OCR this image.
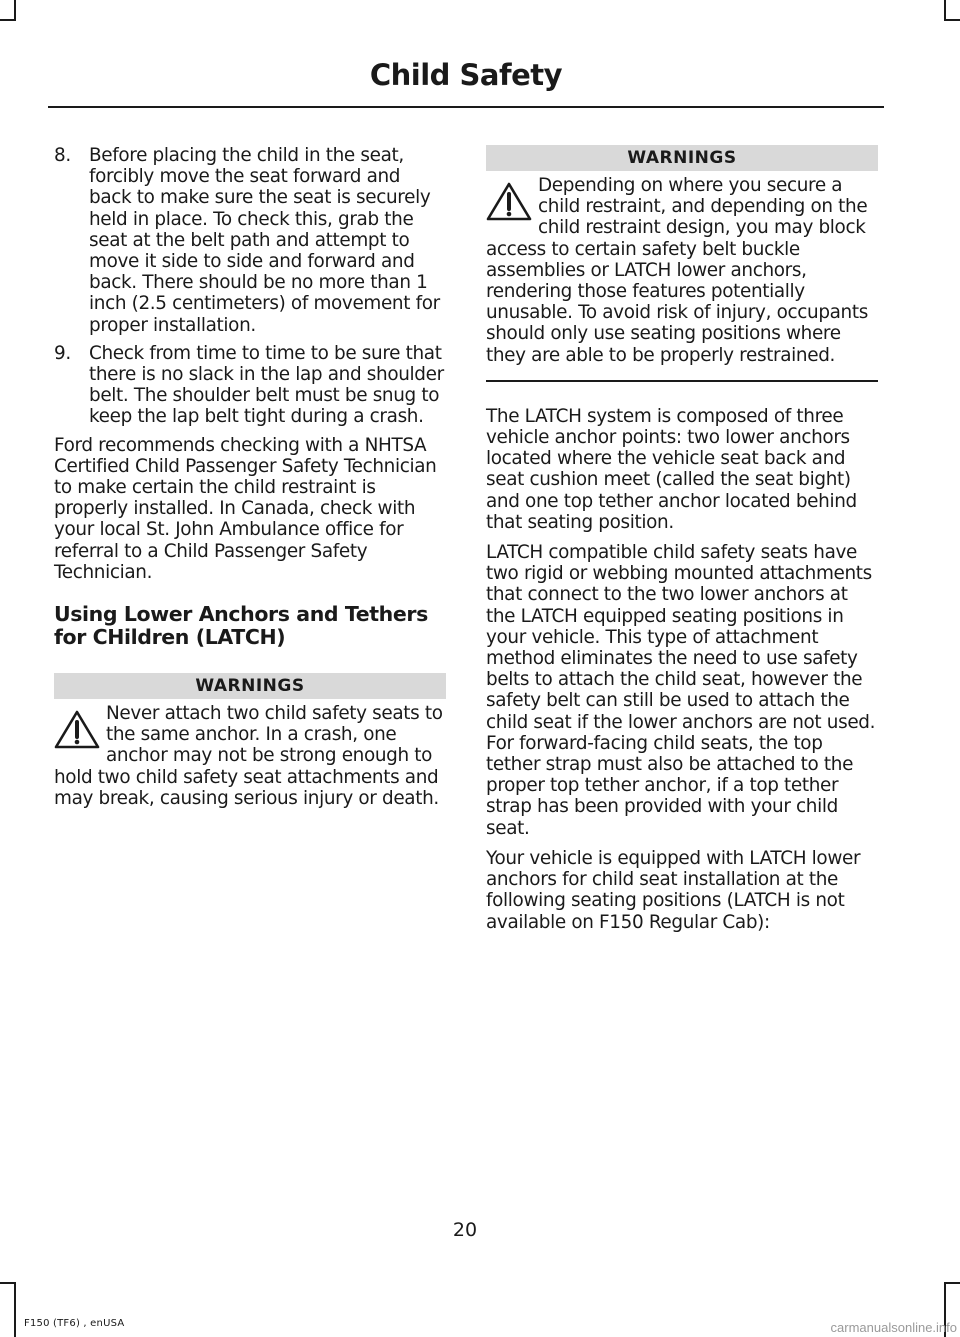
Child Safety
8. Before placing the child in the seat, forcibly move the seat forward and back to make sure the seat is securely held in place. To check this, grab the seat at the belt path and attempt to move it side to side and forward and back. There should be no more than 1 inch (2.5 centimeters) of movement for proper installation.
9. Check from time to time to be sure that there is no slack in the lap and shoulder belt. The shoulder belt must be snug to keep the lap belt tight during a crash.

Ford recommends checking with a NHTSA Certified Child Passenger Safety Technician to make certain the child restraint is properly installed. In Canada, check with your local St. John Ambulance office for referral to a Child Passenger Safety Technician.

Using Lower Anchors and Tethers for CHildren (LATCH)
WARNINGS
Never attach two child safety seats to the same anchor. In a crash, one anchor may not be strong enough to hold two child safety seat attachments and may break, causing serious injury or death.
WARNINGS
Depending on where you secure a child restraint, and depending on the child restraint design, you may block access to certain safety belt buckle assemblies or LATCH lower anchors, rendering those features potentially unusable. To avoid risk of injury, occupants should only use seating positions where they are able to be properly restrained.

The LATCH system is composed of three vehicle anchor points: two lower anchors located where the vehicle seat back and seat cushion meet (called the seat bight) and one top tether anchor located behind that seating position.

LATCH compatible child safety seats have two rigid or webbing mounted attachments that connect to the two lower anchors at the LATCH equipped seating positions in your vehicle. This type of attachment method eliminates the need to use safety belts to attach the child seat, however the safety belt can still be used to attach the child seat if the lower anchors are not used. For forward-facing child seats, the top tether strap must also be attached to the proper top tether anchor, if a top tether strap has been provided with your child seat.

Your vehicle is equipped with LATCH lower anchors for child seat installation at the following seating positions (LATCH is not available on F150 Regular Cab):

20
F150 (TF6) , enUSA	carmanualsonline.info
